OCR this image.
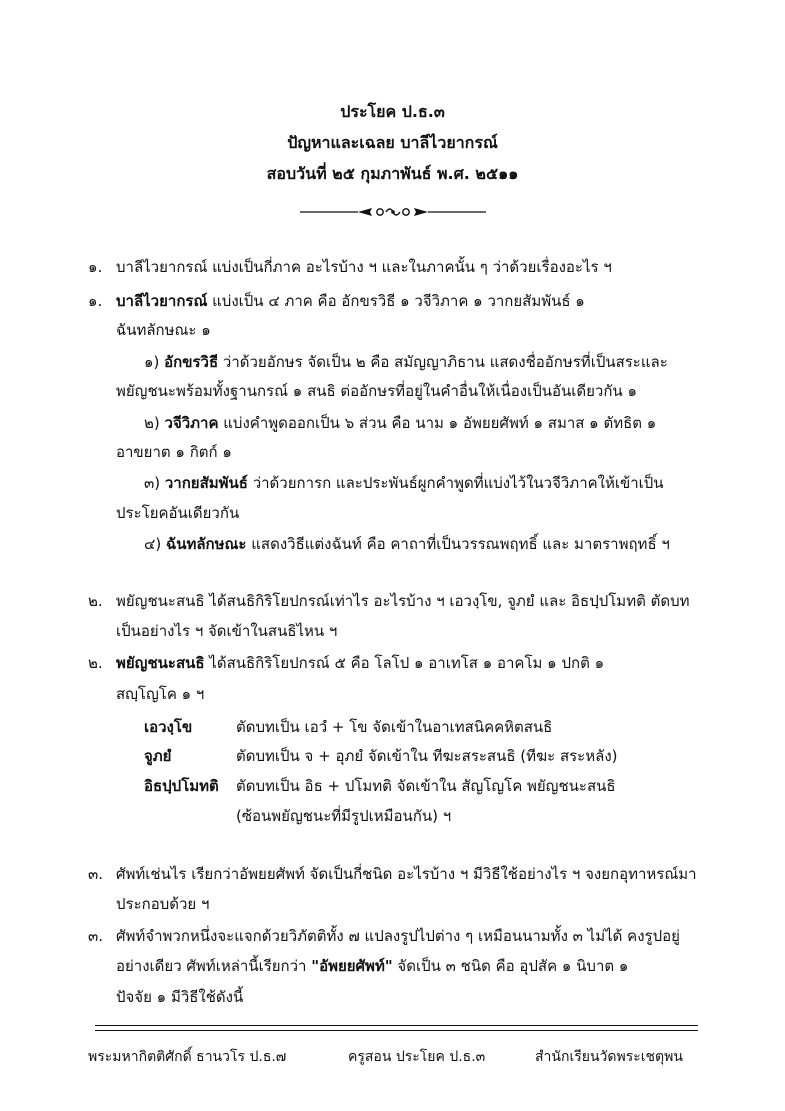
ประโยค ป.ธ.๓
ปัญหาและเฉลย บาลีไวยากรณ์
สอบวันที่ ๒๕ กุมภาพันธ์ พ.ศ. ๒๕๑๑
๑. บาลีไวยากรณ์ แบ่งเป็นกี่ภาค อะไรบ้าง ฯ และในภาคนั้น ๆ ว่าด้วยเรื่องอะไร ฯ
๑. บาลีไวยากรณ์ แบ่งเป็น ๔ ภาค คือ อักขรวิธี ๑ วจีวิภาค ๑ วากยสัมพันธ์ ๑
ฉันทลักษณะ ๑
๑) อักขรวิธี ว่าด้วยอักษร จัดเป็น ๒ คือ สมัญญาภิธาน แสดงชื่ออักษรที่เป็นสระและ
พยัญชนะพร้อมทั้งฐานกรณ์ ๑ สนธิ ต่ออักษรที่อยู่ในคำอื่นให้เนื่องเป็นอันเดียวกัน ๑
๒) วจีวิภาค แบ่งคำพูดออกเป็น ๖ ส่วน คือ นาม ๑ อัพยยศัพท์ ๑ สมาส ๑ ตัทธิต ๑
อาขยาต ๑ กิตก์ ๑
๓) วากยสัมพันธ์ ว่าด้วยการก และประพันธ์ผูกคำพูดที่แบ่งไว้ในวจีวิภาคให้เข้าเป็น
ประโยคอันเดียวกัน
๔) ฉันทลักษณะ แสดงวิธีแต่งฉันท์ คือ คาถาที่เป็นวรรณพฤทธิ์ และ มาตราพฤทธิ์ ฯ
๒. พยัญชนะสนธิ ได้สนธิกิริโยปกรณ์เท่าไร อะไรบ้าง ฯ เอวงฺโข, จูภยํ และ อิธปฺปโมทติ ตัดบท
เป็นอย่างไร ฯ จัดเข้าในสนธิไหน ฯ
๒. พยัญชนะสนธิ ได้สนธิกิริโยปกรณ์ ๕ คือ โลโป ๑ อาเทโส ๑ อาคโม ๑ ปกติ ๑
สญฺโญโค ๑ ฯ
เอวงฺโข	ตัดบทเป็น เอวํ + โข จัดเข้าในอาเทสนิคคหิตสนธิ
จูภยํ	ตัดบทเป็น จ + อุภยํ จัดเข้าใน ทีฆะสระสนธิ (ทีฆะ สระหลัง)
อิธปฺปโมทติ ตัดบทเป็น อิธ + ปโมทติ จัดเข้าใน สัญโญโค พยัญชนะสนธิ
(ซ้อนพยัญชนะที่มีรูปเหมือนกัน) ฯ
๓. ศัพท์เช่นไร เรียกว่าอัพยยศัพท์ จัดเป็นกี่ชนิด อะไรบ้าง ฯ มีวิธีใช้อย่างไร ฯ จงยกอุทาหรณ์มา
ประกอบด้วย ฯ
๓. ศัพท์จำพวกหนึ่งจะแจกด้วยวิภัตติทั้ง ๗ แปลงรูปไปต่าง ๆ เหมือนนามทั้ง ๓ ไม่ได้ คงรูปอยู่
อย่างเดียว ศัพท์เหล่านี้เรียกว่า "อัพยยศัพท์" จัดเป็น ๓ ชนิด คือ อุปสัค ๑ นิบาต ๑
ปัจจัย ๑ มีวิธีใช้ดังนี้
พระมหากิตติศักดิ์ ธานวโร ป.ธ.๗	ครูสอน ประโยค ป.ธ.๓	สำนักเรียนวัดพระเชตุพน
